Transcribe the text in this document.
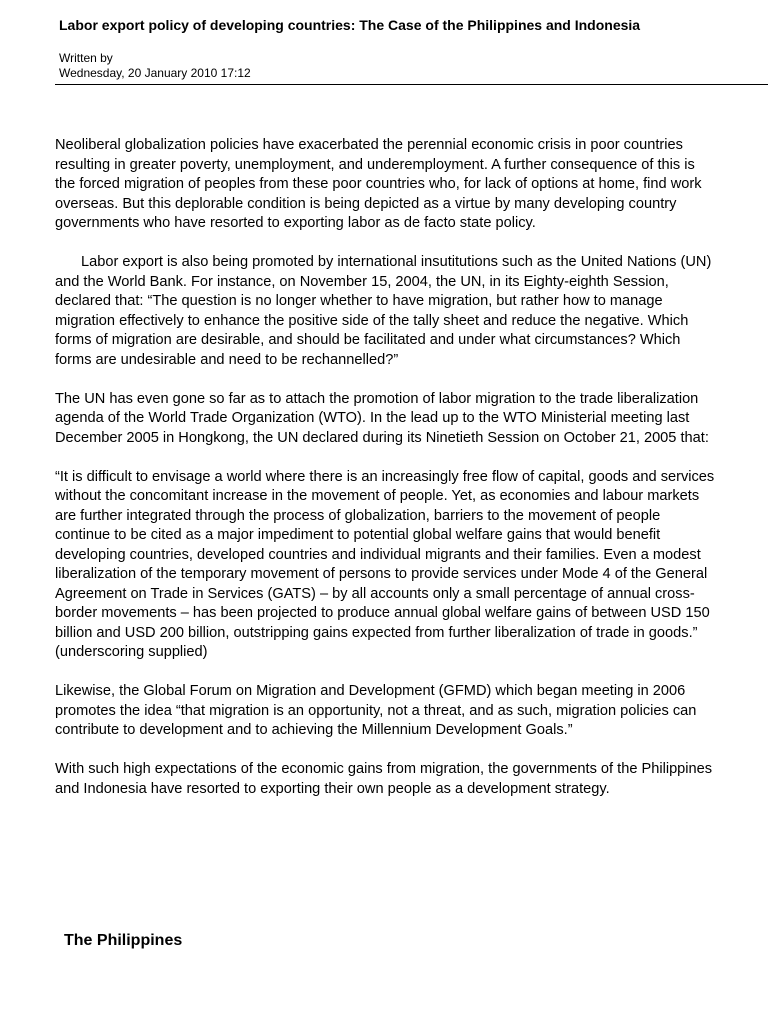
Labor export policy of developing countries: The Case of the Philippines and Indonesia
Written by
Wednesday, 20 January 2010 17:12

Neoliberal globalization policies have exacerbated the perennial economic crisis in poor countries resulting in greater poverty, unemployment, and underemployment. A further consequence of this is the forced migration of peoples from these poor countries who, for lack of options at home, find work overseas. But this deplorable condition is being depicted as a virtue by many developing country governments who have resorted to exporting labor as de facto state policy.

Labor export is also being promoted by international insutitutions such as the United Nations (UN) and the World Bank. For instance, on November 15, 2004, the UN, in its Eighty-eighth Session, declared that: “The question is no longer whether to have migration, but rather how to manage migration effectively to enhance the positive side of the tally sheet and reduce the negative. Which forms of migration are desirable, and should be facilitated and under what circumstances? Which forms are undesirable and need to be rechannelled?”

The UN has even gone so far as to attach the promotion of labor migration to the trade liberalization agenda of the World Trade Organization (WTO). In the lead up to the WTO Ministerial meeting last December 2005 in Hongkong, the UN declared during its Ninetieth Session on October 21, 2005 that:

“It is difficult to envisage a world where there is an increasingly free flow of capital, goods and services without the concomitant increase in the movement of people. Yet, as economies and labour markets are further integrated through the process of globalization, barriers to the movement of people continue to be cited as a major impediment to potential global welfare gains that would benefit developing countries, developed countries and individual migrants and their families. Even a modest liberalization of the temporary movement of persons to provide services under Mode 4 of the General Agreement on Trade in Services (GATS) – by all accounts only a small percentage of annual cross-border movements – has been projected to produce annual global welfare gains of between USD 150 billion and USD 200 billion, outstripping gains expected from further liberalization of trade in goods.” (underscoring supplied)

Likewise, the Global Forum on Migration and Development (GFMD) which began meeting in 2006 promotes the idea “that migration is an opportunity, not a threat, and as such, migration policies can contribute to development and to achieving the Millennium Development Goals.”

With such high expectations of the economic gains from migration, the governments of the Philippines and Indonesia have resorted to exporting their own people as a development strategy.

The Philippines
